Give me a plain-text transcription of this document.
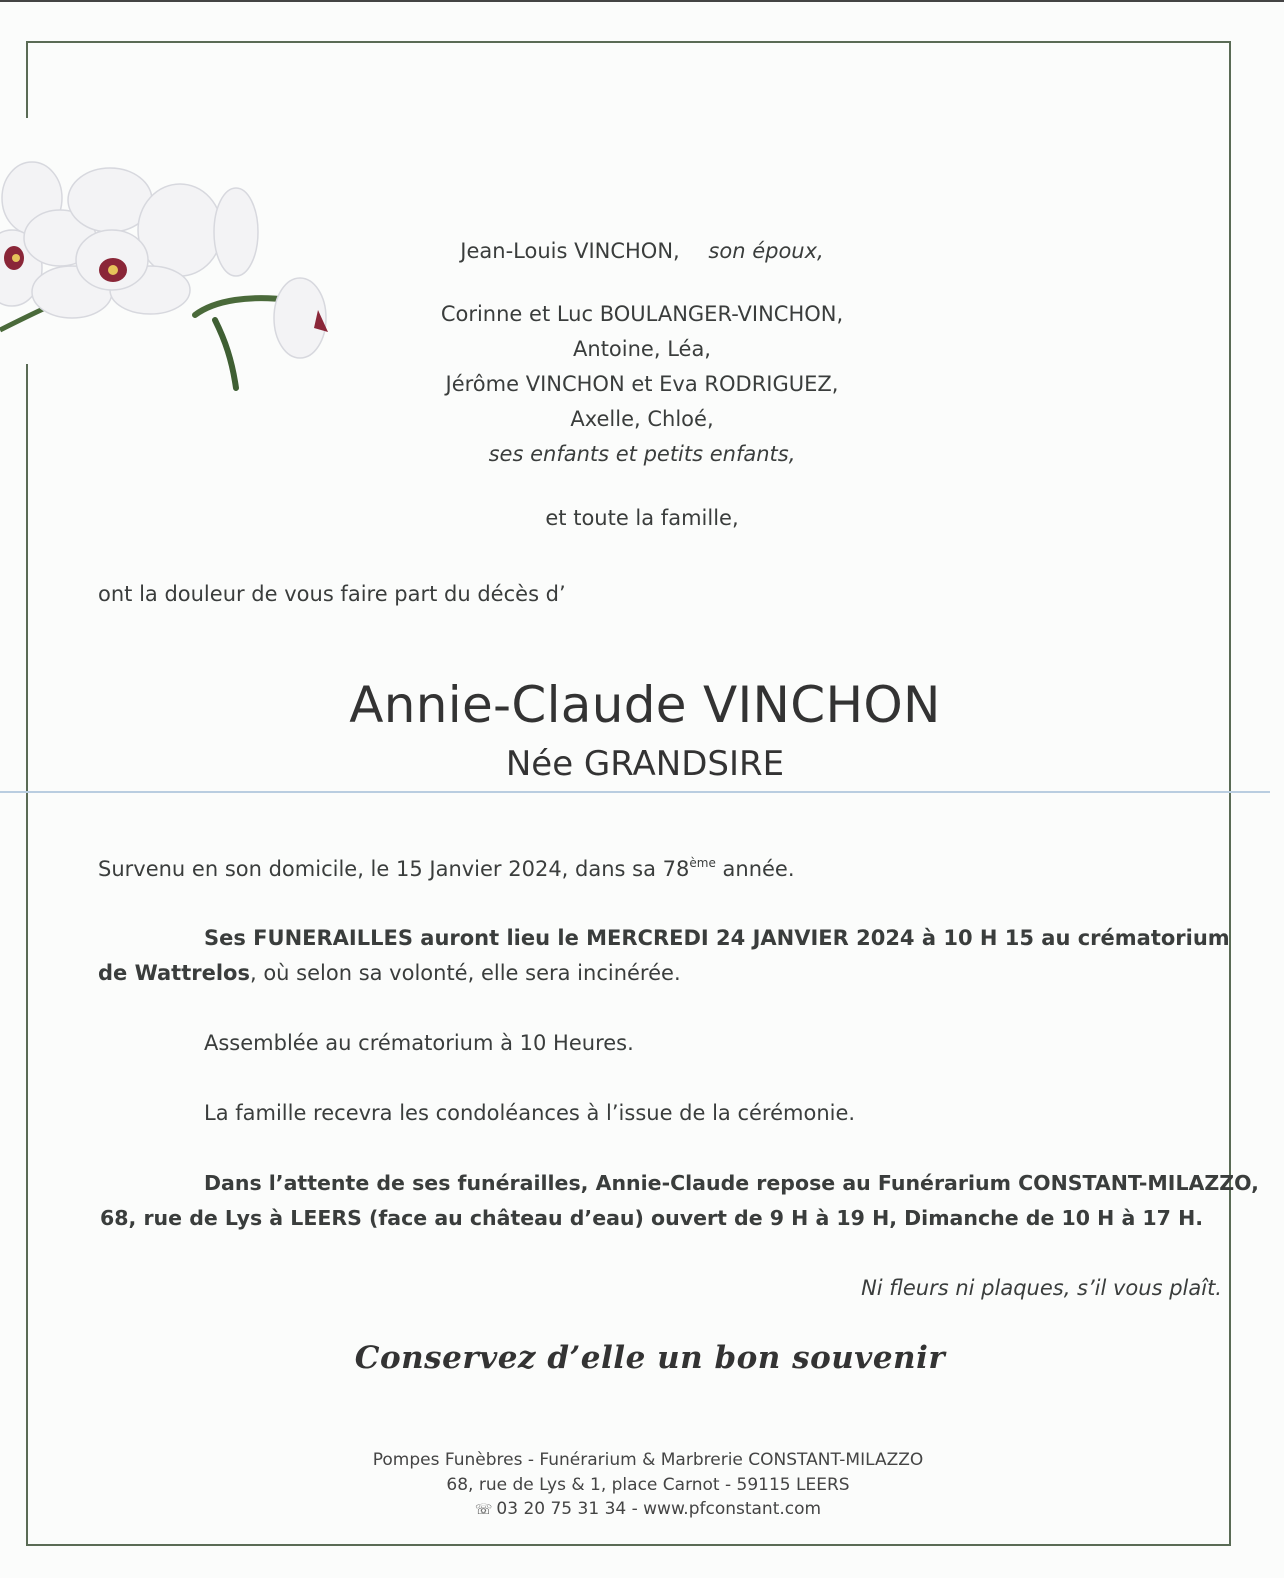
Jean-Louis VINCHON, son époux,
Corinne et Luc BOULANGER-VINCHON,
Antoine, Léa,
Jérôme VINCHON et Eva RODRIGUEZ,
Axelle, Chloé,
ses enfants et petits enfants,
et toute la famille,
ont la douleur de vous faire part du décès d’
Annie-Claude VINCHON
Née GRANDSIRE
Survenu en son domicile, le 15 Janvier 2024, dans sa 78ème année.
Ses FUNERAILLES auront lieu le MERCREDI 24 JANVIER 2024 à 10 H 15 au crématorium
de Wattrelos, où selon sa volonté, elle sera incinérée.
Assemblée au crématorium à 10 Heures.
La famille recevra les condoléances à l’issue de la cérémonie.
Dans l’attente de ses funérailles, Annie-Claude repose au Funérarium CONSTANT-MILAZZO,
68, rue de Lys à LEERS (face au château d’eau) ouvert de 9 H à 19 H, Dimanche de 10 H à 17 H.
Ni fleurs ni plaques, s’il vous plaît.
Conservez d’elle un bon souvenir
Pompes Funèbres - Funérarium & Marbrerie CONSTANT-MILAZZO
68, rue de Lys & 1, place Carnot - 59115 LEERS
☏ 03 20 75 31 34 - www.pfconstant.com
